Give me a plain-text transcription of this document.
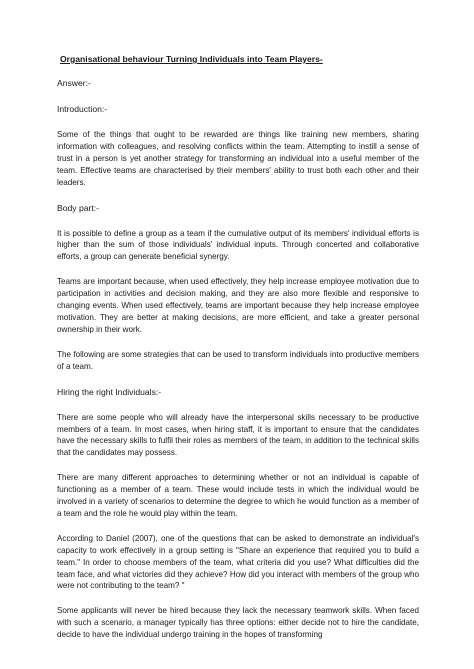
Organisational behaviour Turning Individuals into Team Players-
Answer:-
Introduction:-

Some of the things that ought to be rewarded are things like training new members, sharing information with colleagues, and resolving conflicts within the team. Attempting to instill a sense of trust in a person is yet another strategy for transforming an individual into a useful member of the team. Effective teams are characterised by their members' ability to trust both each other and their leaders.

Body part:-

It is possible to define a group as a team if the cumulative output of its members' individual efforts is higher than the sum of those individuals' individual inputs. Through concerted and collaborative efforts, a group can generate beneficial synergy.

Teams are important because, when used effectively, they help increase employee motivation due to participation in activities and decision making, and they are also more flexible and responsive to changing events. When used effectively, teams are important because they help increase employee motivation. They are better at making decisions, are more efficient, and take a greater personal ownership in their work.

The following are some strategies that can be used to transform individuals into productive members of a team.

Hiring the right Individuals:-

There are some people who will already have the interpersonal skills necessary to be productive members of a team. In most cases, when hiring staff, it is important to ensure that the candidates have the necessary skills to fulfil their roles as members of the team, in addition to the technical skills that the candidates may possess.

There are many different approaches to determining whether or not an individual is capable of functioning as a member of a team. These would include tests in which the individual would be involved in a variety of scenarios to determine the degree to which he would function as a member of a team and the role he would play within the team.

According to Daniel (2007), one of the questions that can be asked to demonstrate an individual's capacity to work effectively in a group setting is "Share an experience that required you to build a team." In order to choose members of the team, what criteria did you use? What difficulties did the team face, and what victories did they achieve? How did you interact with members of the group who were not contributing to the team? "

Some applicants will never be hired because they lack the necessary teamwork skills. When faced with such a scenario, a manager typically has three options: either decide not to hire the candidate, decide to have the individual undergo training in the hopes of transforming
